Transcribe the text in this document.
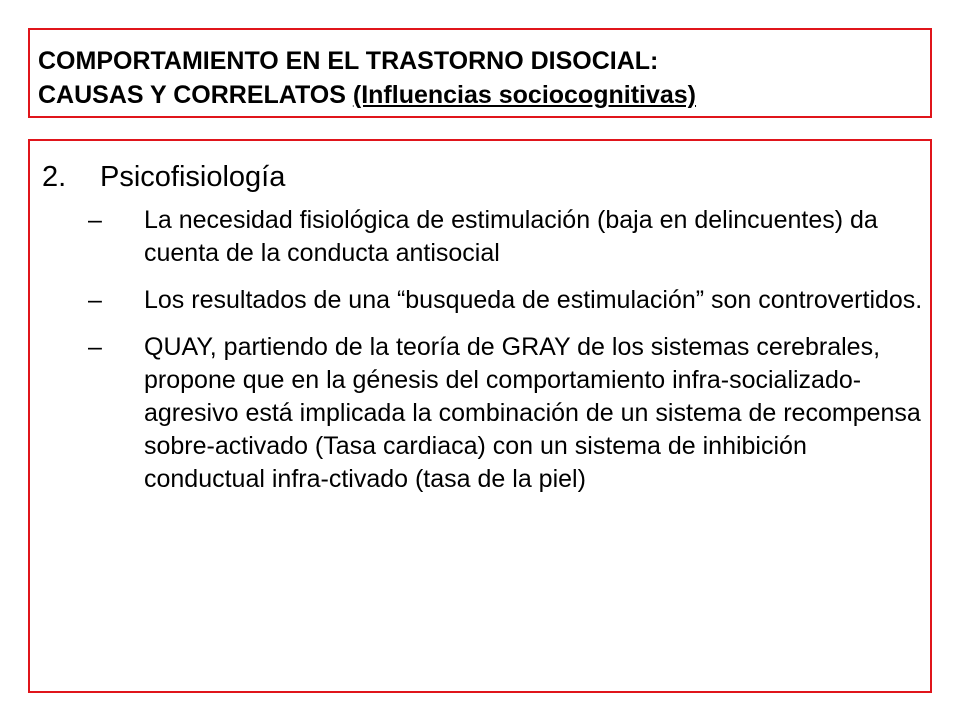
COMPORTAMIENTO EN EL TRASTORNO DISOCIAL:
CAUSAS Y CORRELATOS (Influencias sociocognitivas)

2. Psicofisiología
– La necesidad fisiológica de estimulación (baja en delincuentes) da cuenta de la conducta antisocial
– Los resultados de una “busqueda de estimulación” son controvertidos.
– QUAY, partiendo de la teoría de GRAY de los sistemas cerebrales, propone que en la génesis del comportamiento infra-socializado-agresivo está implicada la combinación de un sistema de recompensa sobre-activado (Tasa cardiaca) con un sistema de inhibición conductual infra-ctivado (tasa de la piel)
